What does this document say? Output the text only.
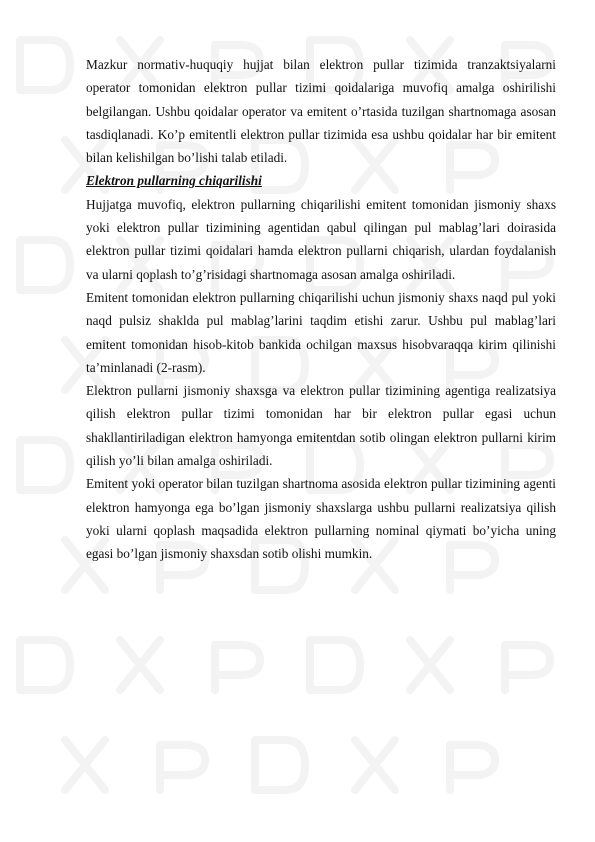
Mazkur normativ-huquqiy hujjat bilan elektron pullar tizimida tranzaktsiyalarni operator tomonidan elektron pullar tizimi qoidalariga muvofiq amalga oshirilishi belgilangan. Ushbu qoidalar operator va emitent o’rtasida tuzilgan shartnomaga asosan tasdiqlanadi. Ko’p emitentli elektron pullar tizimida esa ushbu qoidalar har bir emitent bilan kelishilgan bo’lishi talab etiladi.

Elektron pullarning chiqarilishi

Hujjatga muvofiq, elektron pullarning chiqarilishi emitent tomonidan jismoniy shaxs yoki elektron pullar tizimining agentidan qabul qilingan pul mablag’lari doirasida elektron pullar tizimi qoidalari hamda elektron pullarni chiqarish, ulardan foydalanish va ularni qoplash to’g’risidagi shartnomaga asosan amalga oshiriladi.

Emitent tomonidan elektron pullarning chiqarilishi uchun jismoniy shaxs naqd pul yoki naqd pulsiz shaklda pul mablag’larini taqdim etishi zarur. Ushbu pul mablag’lari emitent tomonidan hisob-kitob bankida ochilgan maxsus hisobvaraqqa kirim qilinishi ta’minlanadi (2-rasm).

Elektron pullarni jismoniy shaxsga va elektron pullar tizimining agentiga realizatsiya qilish elektron pullar tizimi tomonidan har bir elektron pullar egasi uchun shakllantiriladigan elektron hamyonga emitentdan sotib olingan elektron pullarni kirim qilish yo’li bilan amalga oshiriladi.

Emitent yoki operator bilan tuzilgan shartnoma asosida elektron pullar tizimining agenti elektron hamyonga ega bo’lgan jismoniy shaxslarga ushbu pullarni realizatsiya qilish yoki ularni qoplash maqsadida elektron pullarning nominal qiymati bo’yicha uning egasi bo’lgan jismoniy shaxsdan sotib olishi mumkin.
